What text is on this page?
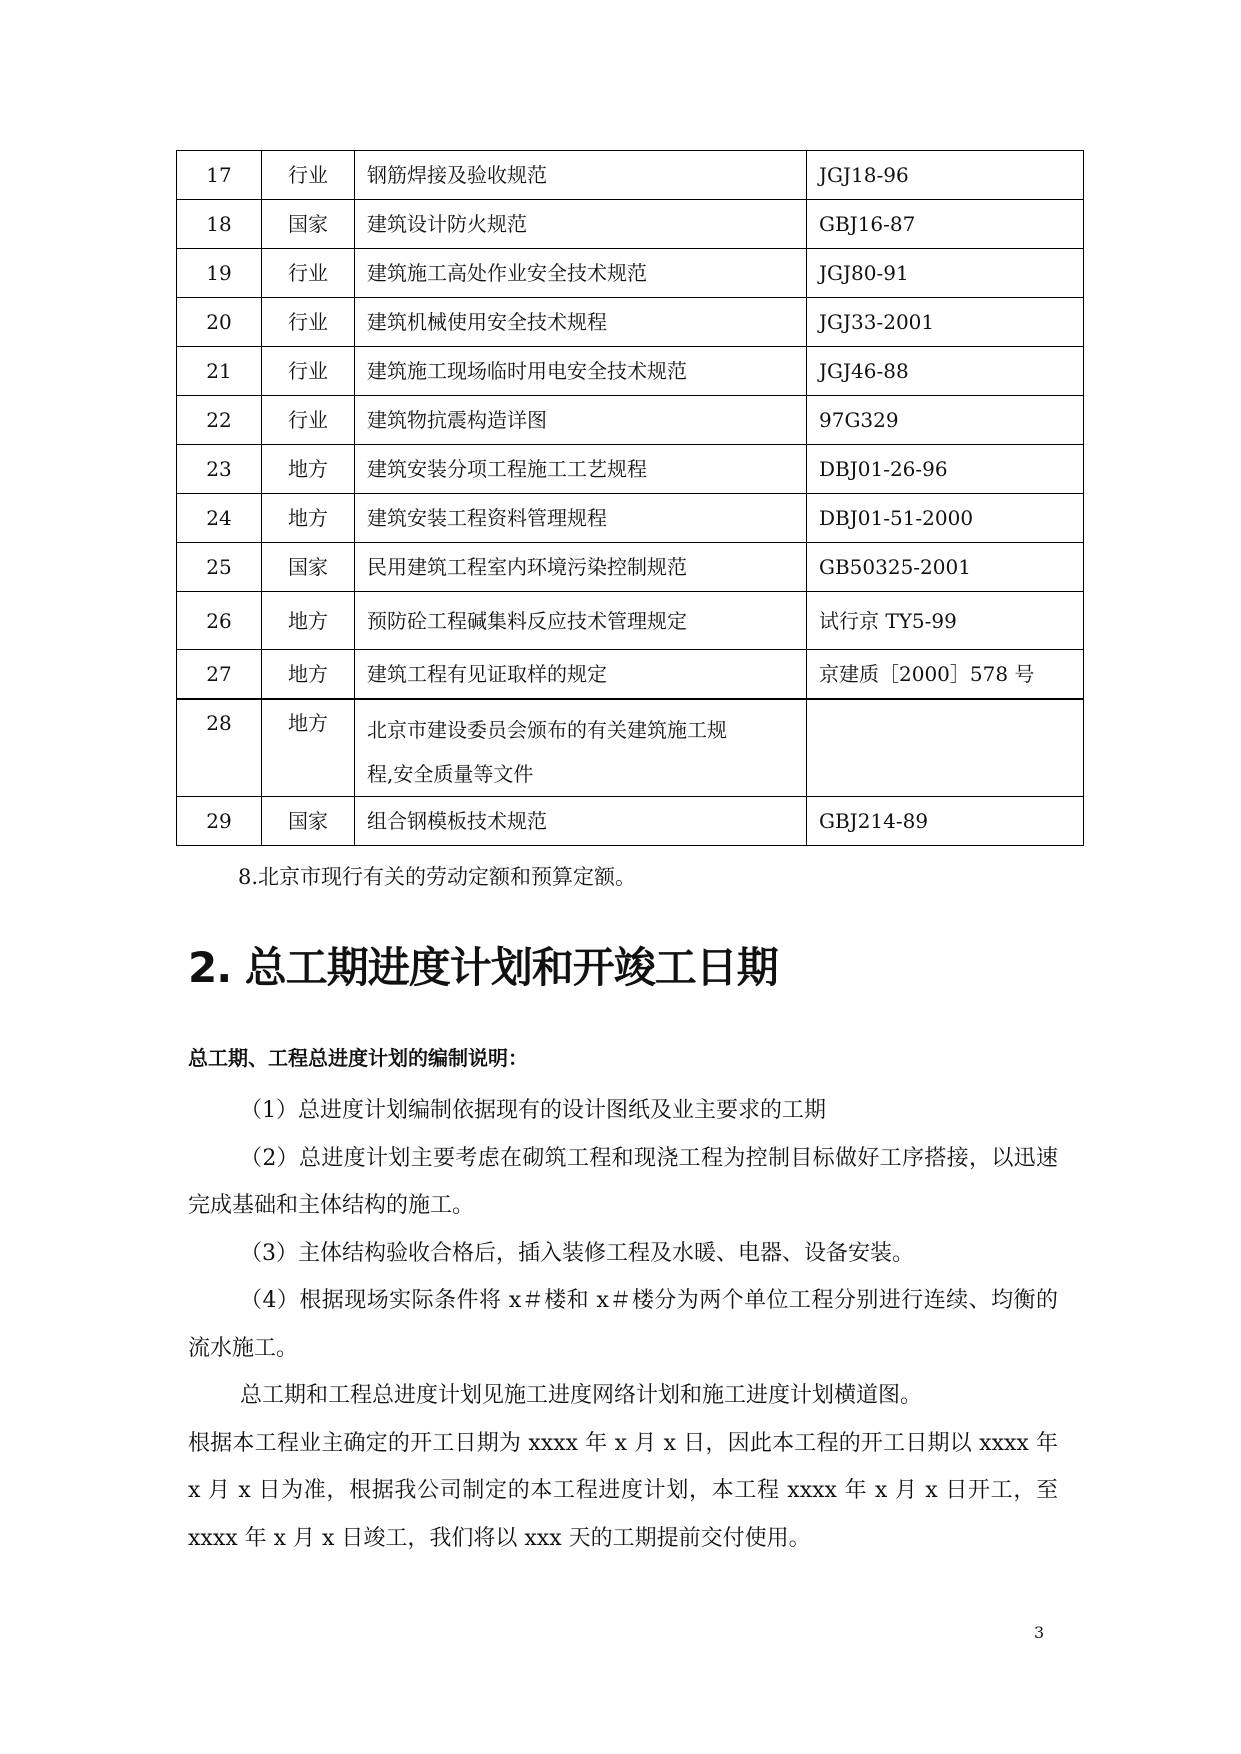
17	行业	钢筋焊接及验收规范	JGJ18-96
18	国家	建筑设计防火规范	GBJ16-87
19	行业	建筑施工高处作业安全技术规范	JGJ80-91
20	行业	建筑机械使用安全技术规程	JGJ33-2001
21	行业	建筑施工现场临时用电安全技术规范	JGJ46-88
22	行业	建筑物抗震构造详图	97G329
23	地方	建筑安装分项工程施工工艺规程	DBJ01-26-96
24	地方	建筑安装工程资料管理规程	DBJ01-51-2000
25	国家	民用建筑工程室内环境污染控制规范	GB50325-2001
26	地方	预防砼工程碱集料反应技术管理规定	试行京 TY5-99
27	地方	建筑工程有见证取样的规定	京建质［2000］578 号
28	地方	北京市建设委员会颁布的有关建筑施工规
程,安全质量等文件	

29	国家	组合钢模板技术规范	GBJ214-89

8.北京市现行有关的劳动定额和预算定额。

2. 总工期进度计划和开竣工日期
总工期、工程总进度计划的编制说明：

（1）总进度计划编制依据现有的设计图纸及业主要求的工期

（2）总进度计划主要考虑在砌筑工程和现浇工程为控制目标做好工序搭接，以迅速完成基础和主体结构的施工。

（3）主体结构验收合格后，插入装修工程及水暖、电器、设备安装。

（4）根据现场实际条件将 x＃楼和 x＃楼分为两个单位工程分别进行连续、均衡的流水施工。

总工期和工程总进度计划见施工进度网络计划和施工进度计划横道图。

根据本工程业主确定的开工日期为 xxxx 年 x 月 x 日，因此本工程的开工日期以 xxxx 年 x 月 x 日为准，根据我公司制定的本工程进度计划，本工程 xxxx 年 x 月 x 日开工，至 xxxx 年 x 月 x 日竣工，我们将以 xxx 天的工期提前交付使用。

3
